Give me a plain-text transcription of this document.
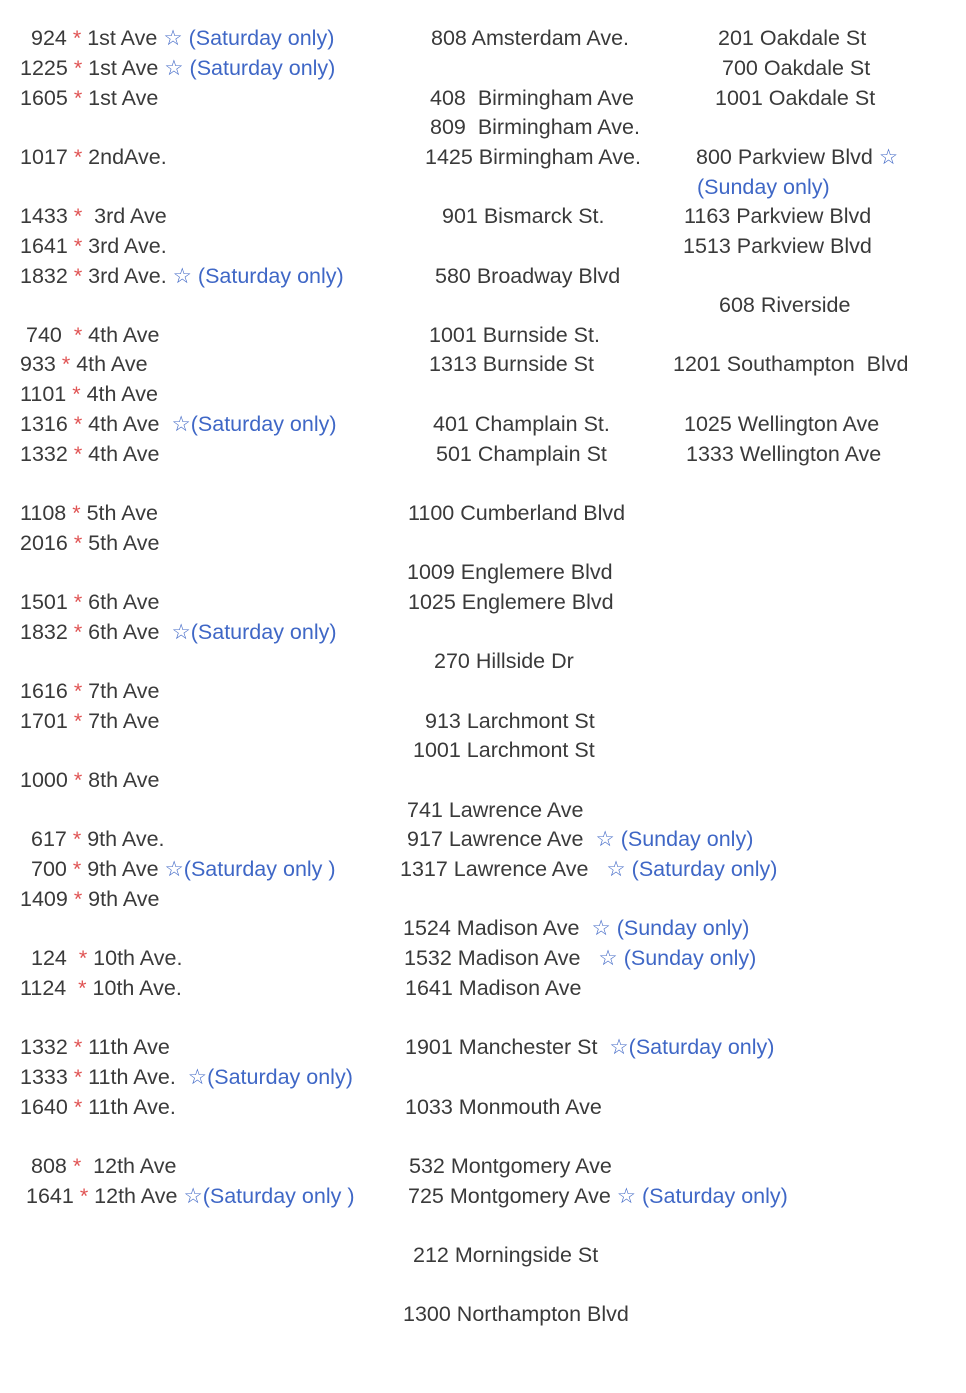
924 * 1st Ave ☆ (Saturday only)
1225 * 1st Ave ☆ (Saturday only)
1605 * 1st Ave
1017 * 2ndAve.
1433 *  3rd Ave
1641 * 3rd Ave.
1832 * 3rd Ave. ☆ (Saturday only)
740  * 4th Ave
933 * 4th Ave
1101 * 4th Ave
1316 * 4th Ave  ☆(Saturday only)
1332 * 4th Ave
1108 * 5th Ave
2016 * 5th Ave
1501 * 6th Ave
1832 * 6th Ave  ☆(Saturday only)
1616 * 7th Ave
1701 * 7th Ave
1000 * 8th Ave
617 * 9th Ave.
700 * 9th Ave ☆(Saturday only )
1409 * 9th Ave
124  * 10th Ave.
1124  * 10th Ave.
1332 * 11th Ave
1333 * 11th Ave.  ☆(Saturday only)
1640 * 11th Ave.
808 *  12th Ave
1641 * 12th Ave ☆(Saturday only )
808 Amsterdam Ave.
408  Birmingham Ave
809  Birmingham Ave.
1425 Birmingham Ave.
901 Bismarck St.
580 Broadway Blvd
1001 Burnside St.
1313 Burnside St
401 Champlain St.
501 Champlain St
1100 Cumberland Blvd
1009 Englemere Blvd
1025 Englemere Blvd
270 Hillside Dr
913 Larchmont St
1001 Larchmont St
741 Lawrence Ave
917 Lawrence Ave  ☆ (Sunday only)
1317 Lawrence Ave   ☆ (Saturday only)
1524 Madison Ave  ☆ (Sunday only)
1532 Madison Ave   ☆ (Sunday only)
1641 Madison Ave
1901 Manchester St  ☆(Saturday only)
1033 Monmouth Ave
532 Montgomery Ave
725 Montgomery Ave ☆ (Saturday only)
212 Morningside St
1300 Northampton Blvd
201 Oakdale St
700 Oakdale St
1001 Oakdale St
800 Parkview Blvd ☆
(Sunday only)
1163 Parkview Blvd
1513 Parkview Blvd
608 Riverside
1201 Southampton  Blvd
1025 Wellington Ave
1333 Wellington Ave
